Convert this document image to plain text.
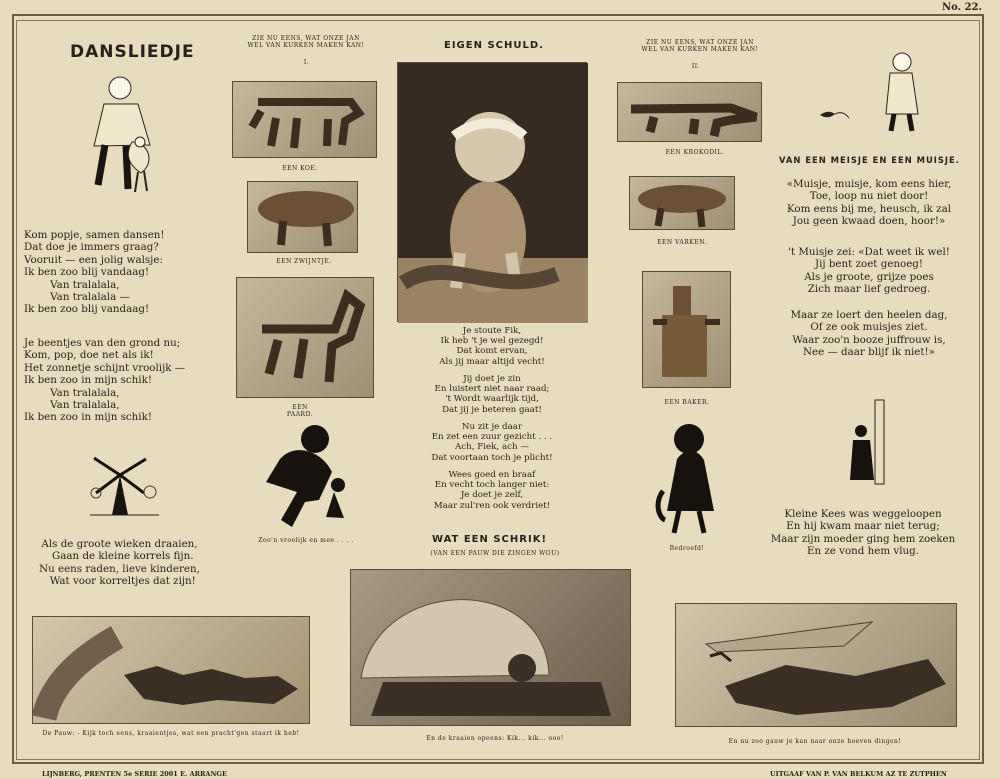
No. 22.
DANSLIEDJE
Kom popje, samen dansen!
Dat doe je immers graag?
Vooruit — een jolig walsje:
Ik ben zoo blij vandaag!
Van tralalala,
Van tralalala —
Ik ben zoo blij vandaag!
Je beentjes van den grond nu;
Kom, pop, doe net als ik!
Het zonnetje schijnt vroolijk —
Ik ben zoo in mijn schik!
Van tralalala,
Van tralalala,
Ik ben zoo in mijn schik!
Als de groote wieken draaien,
Gaan de kleine korrels fijn.
Nu eens raden, lieve kinderen,
Wat voor korreltjes dat zijn!
ZIE NU EENS, WAT ONZE JAN
WEL VAN KURKEN MAKEN KAN!
I.
EEN KOE.
EEN ZWIJNTJE.
EEN PAARD.
Zoo'n vroolijk en mee . . . .
EIGEN SCHULD.
Je stoute Fik,
Ik heb 't je wel gezegd!
Dat komt ervan,
Als jij maar altijd vecht!
Jij doet je zin
En luistert niet naar raad;
't Wordt waarlijk tijd,
Dat jij je beteren gaat!
Nu zit je daar
En zet een zuur gezicht . . .
Ach, Fiek, ach —
Dat voortaan toch je plicht!
Wees goed en braaf
En vecht toch langer niet:
Je doet je zelf,
Maar zul'ren ook verdriet!
WAT EEN SCHRIK!
(VAN EEN PAUW DIE ZINGEN WOU)
ZIE NU EENS, WAT ONZE JAN
WEL VAN KURKEN MAKEN KAN!
II.
EEN KROKODIL.
EEN VARKEN.
EEN BAKER.
Bedroefd!
VAN EEN MEISJE EN EEN MUISJE.
«Muisje, muisje, kom eens hier,
Toe, loop nu niet door!
Kom eens bij me, heusch, ik zal
Jou geen kwaad doen, hoor!»
't Muisje zei: «Dat weet ik wel!
Jij bent zoet genoeg!
Als je groote, grijze poes
Zich maar lief gedroeg.
Maar ze loert den heelen dag,
Of ze ook muisjes ziet.
Waar zoo'n booze juffrouw is,
Nee — daar blijf ik niet!»
Kleine Kees was weggeloopen
En hij kwam maar niet terug;
Maar zijn moeder ging hem zoeken
En ze vond hem vlug.
De Pauw: - Kijk toch eens, kraaientjes, wat een pracht'gen staart ik heb!
En de kraaien opeens: Kik... kik... ooo!	En nu zoo gauw je kan naar onze hoeven dingen!
LIJNBERG, PRENTEN 5e SERIE 2001 E. ARRANGE	UITGAAF VAN P. VAN BELKUM AZ TE ZUTPHEN
